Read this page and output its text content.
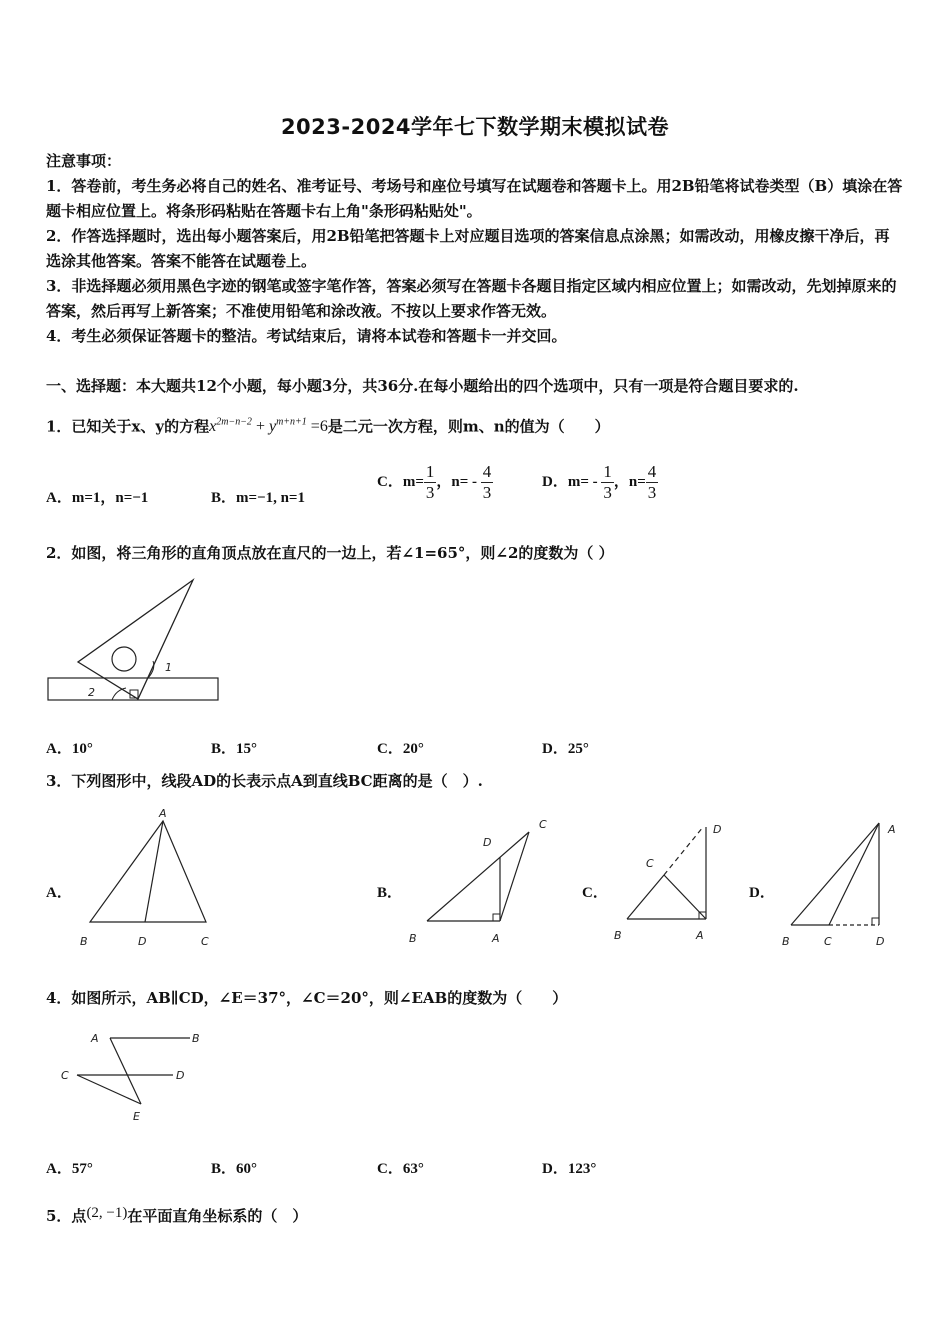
2023-2024学年七下数学期末模拟试卷
注意事项：
1．答卷前，考生务必将自己的姓名、准考证号、考场号和座位号填写在试题卷和答题卡上。用2B铅笔将试卷类型（B）填涂在答题卡相应位置上。将条形码粘贴在答题卡右上角"条形码粘贴处"。
2．作答选择题时，选出每小题答案后，用2B铅笔把答题卡上对应题目选项的答案信息点涂黑；如需改动，用橡皮擦干净后，再选涂其他答案。答案不能答在试题卷上。
3．非选择题必须用黑色字迹的钢笔或签字笔作答，答案必须写在答题卡各题目指定区域内相应位置上；如需改动，先划掉原来的答案，然后再写上新答案；不准使用铅笔和涂改液。不按以上要求作答无效。
4．考生必须保证答题卡的整洁。考试结束后，请将本试卷和答题卡一并交回。
一、选择题：本大题共12个小题，每小题3分，共36分.在每小题给出的四个选项中，只有一项是符合题目要求的.
1．已知关于x、y的方程$x^{2m-n-2} + y^{m+n+1} =6$是二元一次方程，则m、n的值为（　　）
A．m=1，n=−1	B．m=−1, n=1
C．$m= \frac{1}{3}$ ，$n= - \frac{4}{3}$	D．$m= - \frac{1}{3}$ ，$n= \frac{4}{3}$
2．如图，将三角形的直角顶点放在直尺的一边上，若∠1=65°，则∠2的度数为（ ）
1
2
A．10°	B．15°	C．20°	D．25°
3．下列图形中，线段AD的长表示点A到直线BC距离的是（　）.
A．
A
B	D	C
B．
D
C
B	A
C．
C
D
B	A
D．
A
B	C	D
4．如图所示，AB∥CD，∠E＝37°，∠C＝20°，则∠EAB的度数为（　　）
A	B
C	D
E
A．57°	B．60°	C．63°	D．123°
5．点(2, −1)在平面直角坐标系的（　）
